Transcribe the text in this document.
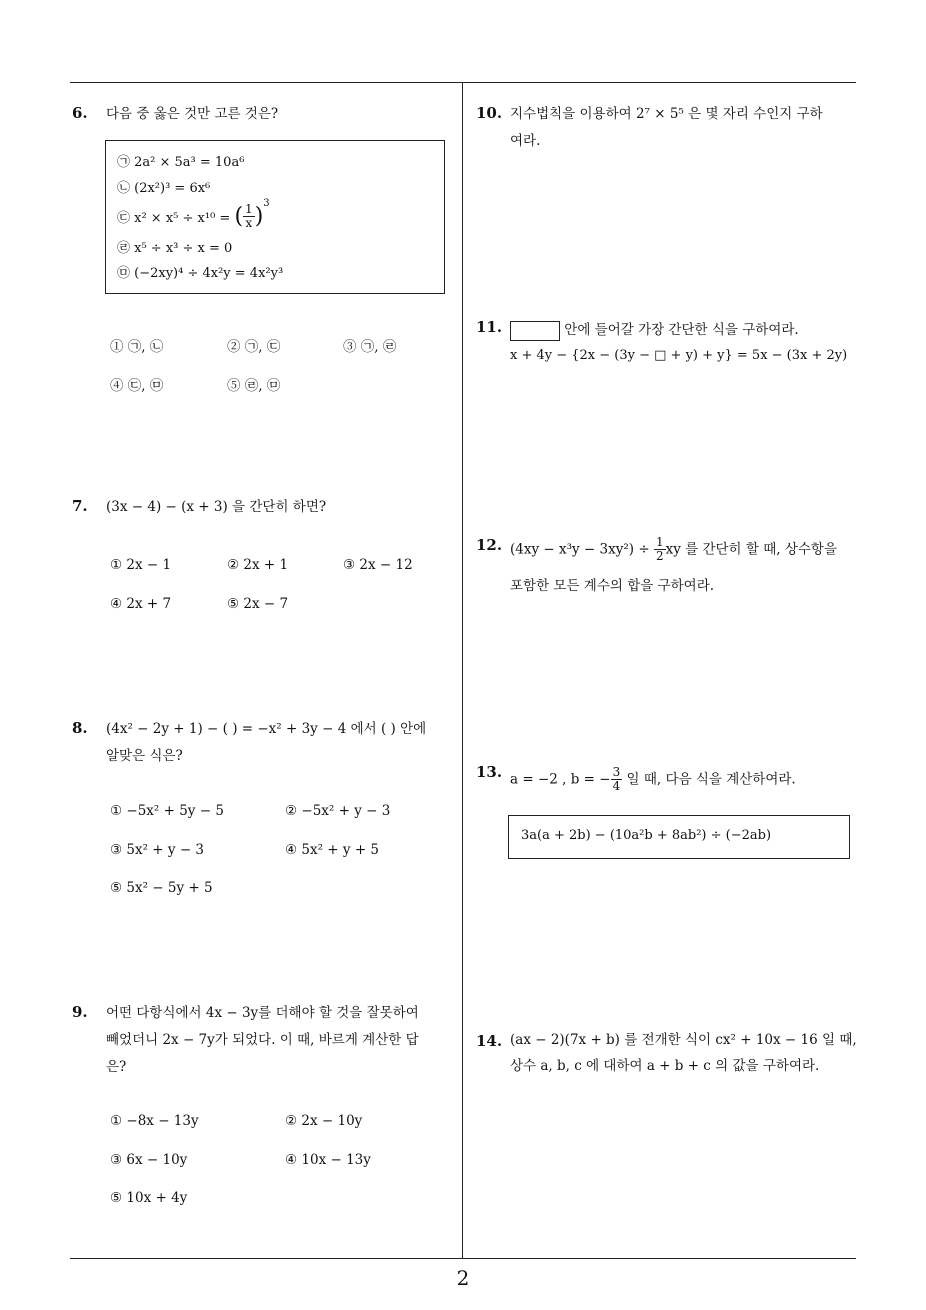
6. 다음 중 옳은 것만 고른 것은?
㉠ 2a² × 5a³ = 10a⁶
㉡ (2x²)³ = 6x⁶
㉢ x² × x⁵ ÷ x¹⁰ = ( $\frac{1}{x} )^3$
㉣ x⁵ ÷ x³ ÷ x = 0
㉤ (−2xy)⁴ ÷ 4x²y = 4x²y³
① ㉠, ㉡	② ㉠, ㉢	③ ㉠, ㉣
④ ㉢, ㉤	⑤ ㉣, ㉤
7. (3x − 4) − (x + 3) 을 간단히 하면?
① 2x − 1	② 2x + 1	③ 2x − 12
④ 2x + 7	⑤ 2x − 7
8. (4x² − 2y + 1) − ( ) = −x² + 3y − 4 에서 ( ) 안에
알맞은 식은?
① −5x² + 5y − 5	② −5x² + y − 3
③ 5x² + y − 3	④ 5x² + y + 5
⑤ 5x² − 5y + 5
9. 어떤 다항식에서 4x − 3y를 더해야 할 것을 잘못하여
빼었더니 2x − 7y가 되었다. 이 때, 바르게 계산한 답
은?
① −8x − 13y	② 2x − 10y
③ 6x − 10y	④ 10x − 13y
⑤ 10x + 4y
10. 지수법칙을 이용하여 2⁷ × 5⁵ 은 몇 자리 수인지 구하
여라.
11.	안에 들어갈 가장 간단한 식을 구하여라.
x + 4y − {2x − (3y − □ + y) + y} = 5x − (3x + 2y)
12. $(4xy - x^3y - 3xy^2) \div \frac{1}{2}$ xy 를 간단히 할 때, 상수항을
포함한 모든 계수의 합을 구하여라.
13. a = −2 , b = − $\frac{3}{4}$ 일 때, 다음 식을 계산하여라.
3a(a + 2b) − (10a²b + 8ab²) ÷ (−2ab)
14. (ax − 2)(7x + b) 를 전개한 식이 cx² + 10x − 16 일 때,
상수 a, b, c 에 대하여 a + b + c 의 값을 구하여라.
2
